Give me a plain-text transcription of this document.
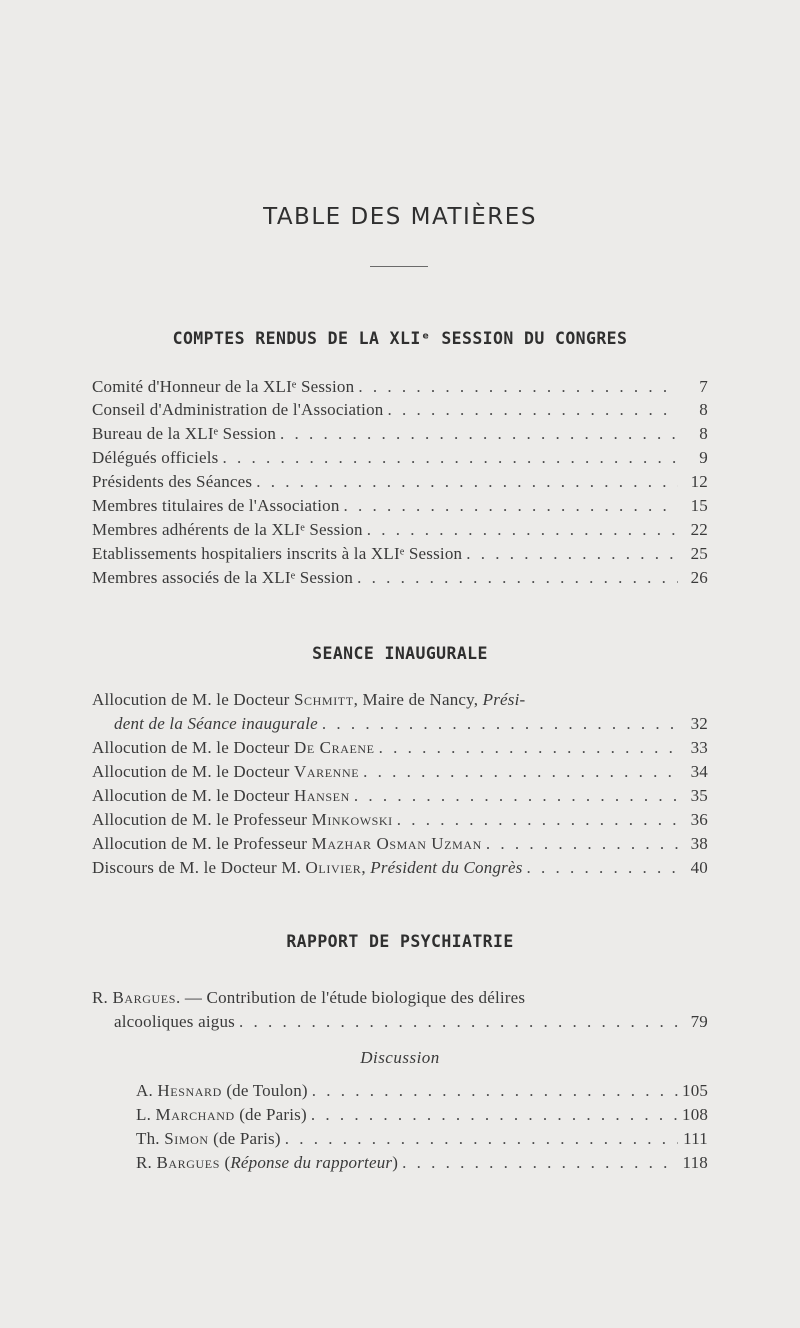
TABLE DES MATIÈRES
COMPTES RENDUS DE LA XLIᵉ SESSION DU CONGRES
Comité d'Honneur de la XLIᵉ Session . . .	7
Conseil d'Administration de l'Association . . .	8
Bureau de la XLIᵉ Session . . .	8
Délégués officiels . . .	9
Présidents des Séances . . .	12
Membres titulaires de l'Association . . .	15
Membres adhérents de la XLIᵉ Session . . .	22
Etablissements hospitaliers inscrits à la XLIᵉ Session . . .	25
Membres associés de la XLIᵉ Session . . .	26
SEANCE INAUGURALE
Allocution de M. le Docteur Schmitt, Maire de Nancy, Prési-
dent de la Séance inaugurale . . .	32
Allocution de M. le Docteur De Craene . . .	33
Allocution de M. le Docteur Varenne . . .	34
Allocution de M. le Docteur Hansen . . .	35
Allocution de M. le Professeur Minkowski . . .	36
Allocution de M. le Professeur Mazhar Osman Uzman . . .	38
Discours de M. le Docteur M. Olivier, Président du Congrès . . .	40
RAPPORT DE PSYCHIATRIE
R. Bargues. — Contribution de l'étude biologique des délires
alcooliques aigus . . .	79
Discussion
A. Hesnard (de Toulon) . . .	105
L. Marchand (de Paris) . . .	108
Th. Simon (de Paris) . . .	111
R. Bargues (Réponse du rapporteur) . . .	118
